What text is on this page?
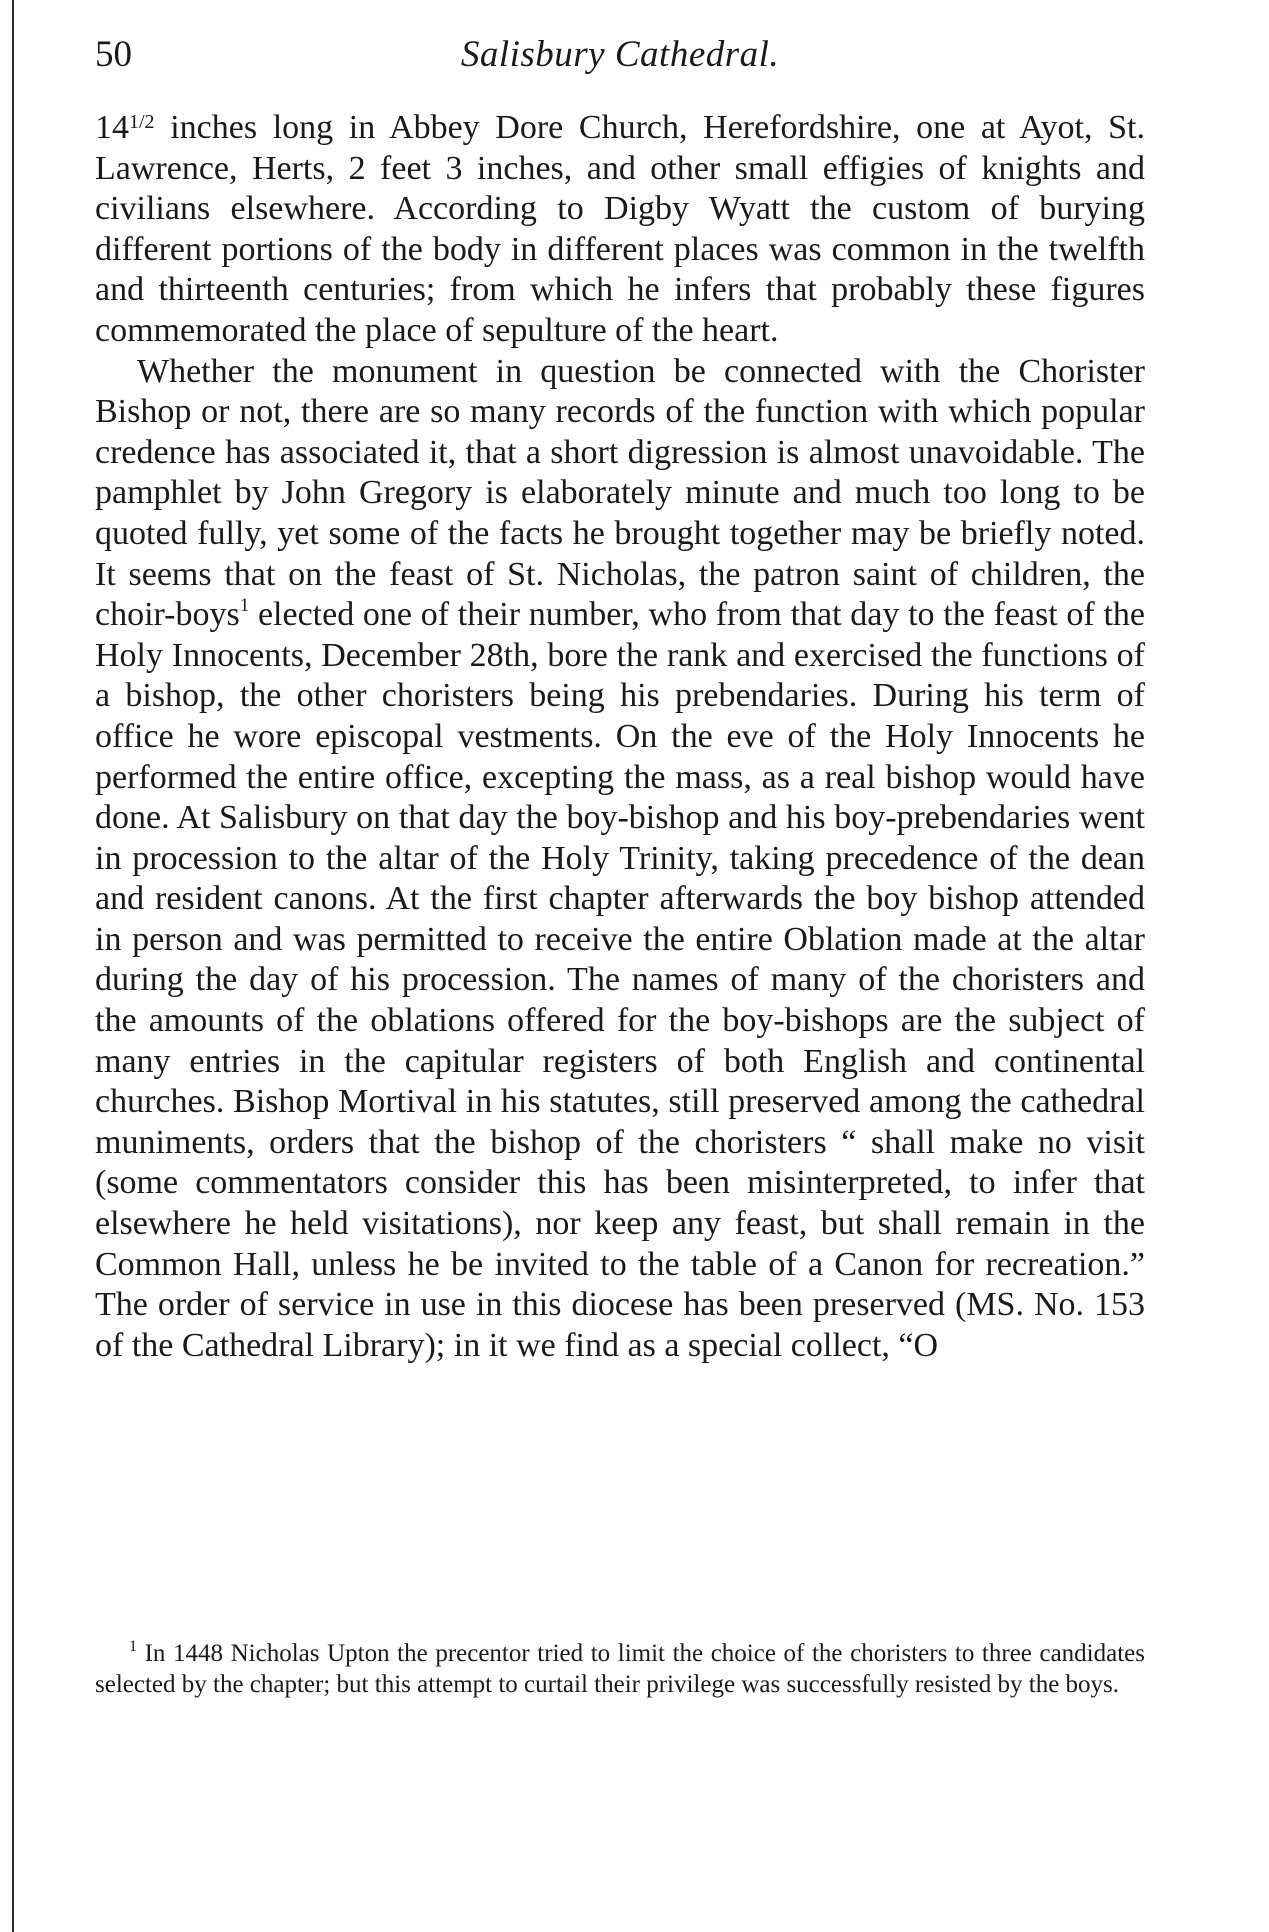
50	Salisbury Cathedral.

$14^{1/2}$ inches long in Abbey Dore Church, Herefordshire, one at Ayot, St. Lawrence, Herts, 2 feet 3 inches, and other small effigies of knights and civilians elsewhere. According to Digby Wyatt the custom of burying different portions of the body in different places was common in the twelfth and thirteenth centuries; from which he infers that probably these figures commemorated the place of sepulture of the heart.

Whether the monument in question be connected with the Chorister Bishop or not, there are so many records of the function with which popular credence has associated it, that a short digression is almost unavoidable. The pamphlet by John Gregory is elaborately minute and much too long to be quoted fully, yet some of the facts he brought together may be briefly noted. It seems that on the feast of St. Nicholas, the patron saint of children, the choir-boys$^1$ elected one of their number, who from that day to the feast of the Holy Innocents, December 28th, bore the rank and exercised the functions of a bishop, the other choristers being his prebendaries. During his term of office he wore episcopal vestments. On the eve of the Holy Innocents he performed the entire office, excepting the mass, as a real bishop would have done. At Salisbury on that day the boy-bishop and his boy-prebendaries went in procession to the altar of the Holy Trinity, taking precedence of the dean and resident canons. At the first chapter afterwards the boy bishop attended in person and was permitted to receive the entire Oblation made at the altar during the day of his procession. The names of many of the choristers and the amounts of the oblations offered for the boy-bishops are the subject of many entries in the capitular registers of both English and continental churches. Bishop Mortival in his statutes, still preserved among the cathedral muniments, orders that the bishop of the choristers “ shall make no visit (some commentators consider this has been misinterpreted, to infer that elsewhere he held visitations), nor keep any feast, but shall remain in the Common Hall, unless he be invited to the table of a Canon for recreation.” The order of service in use in this diocese has been preserved (MS. No. 153 of the Cathedral Library); in it we find as a special collect, “O

$^1$ In 1448 Nicholas Upton the precentor tried to limit the choice of the choristers to three candidates selected by the chapter; but this attempt to curtail their privilege was successfully resisted by the boys.
